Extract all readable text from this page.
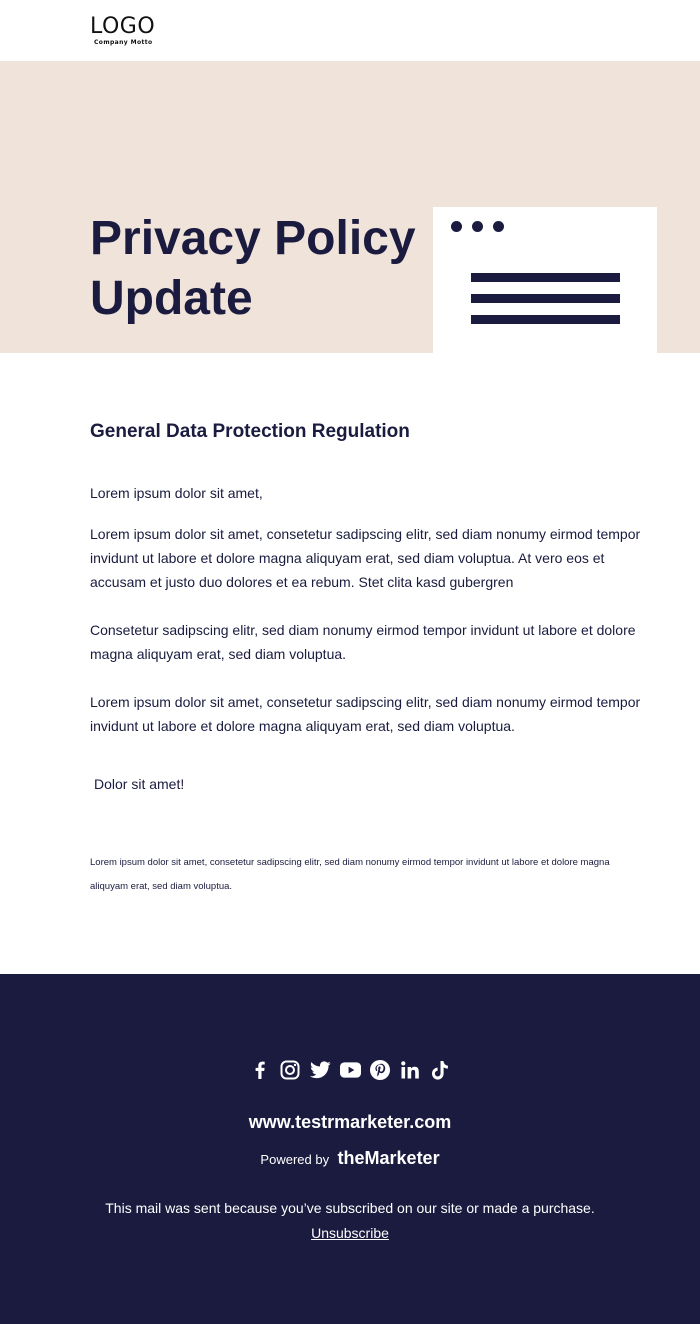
LOGO
Company Motto
Privacy Policy
Update
General Data Protection Regulation

Lorem ipsum dolor sit amet,

Lorem ipsum dolor sit amet, consetetur sadipscing elitr, sed diam nonumy eirmod tempor invidunt ut labore et dolore magna aliquyam erat, sed diam voluptua. At vero eos et accusam et justo duo dolores et ea rebum. Stet clita kasd gubergren

Consetetur sadipscing elitr, sed diam nonumy eirmod tempor invidunt ut labore et dolore magna aliquyam erat, sed diam voluptua.

Lorem ipsum dolor sit amet, consetetur sadipscing elitr, sed diam nonumy eirmod tempor invidunt ut labore et dolore magna aliquyam erat, sed diam voluptua.

Dolor sit amet!

Lorem ipsum dolor sit amet, consetetur sadipscing elitr, sed diam nonumy eirmod tempor invidunt ut labore et dolore magna aliquyam erat, sed diam voluptua.

www.testrmarketer.com
Powered by theMarketer

This mail was sent because you’ve subscribed on our site or made a purchase.

Unsubscribe
